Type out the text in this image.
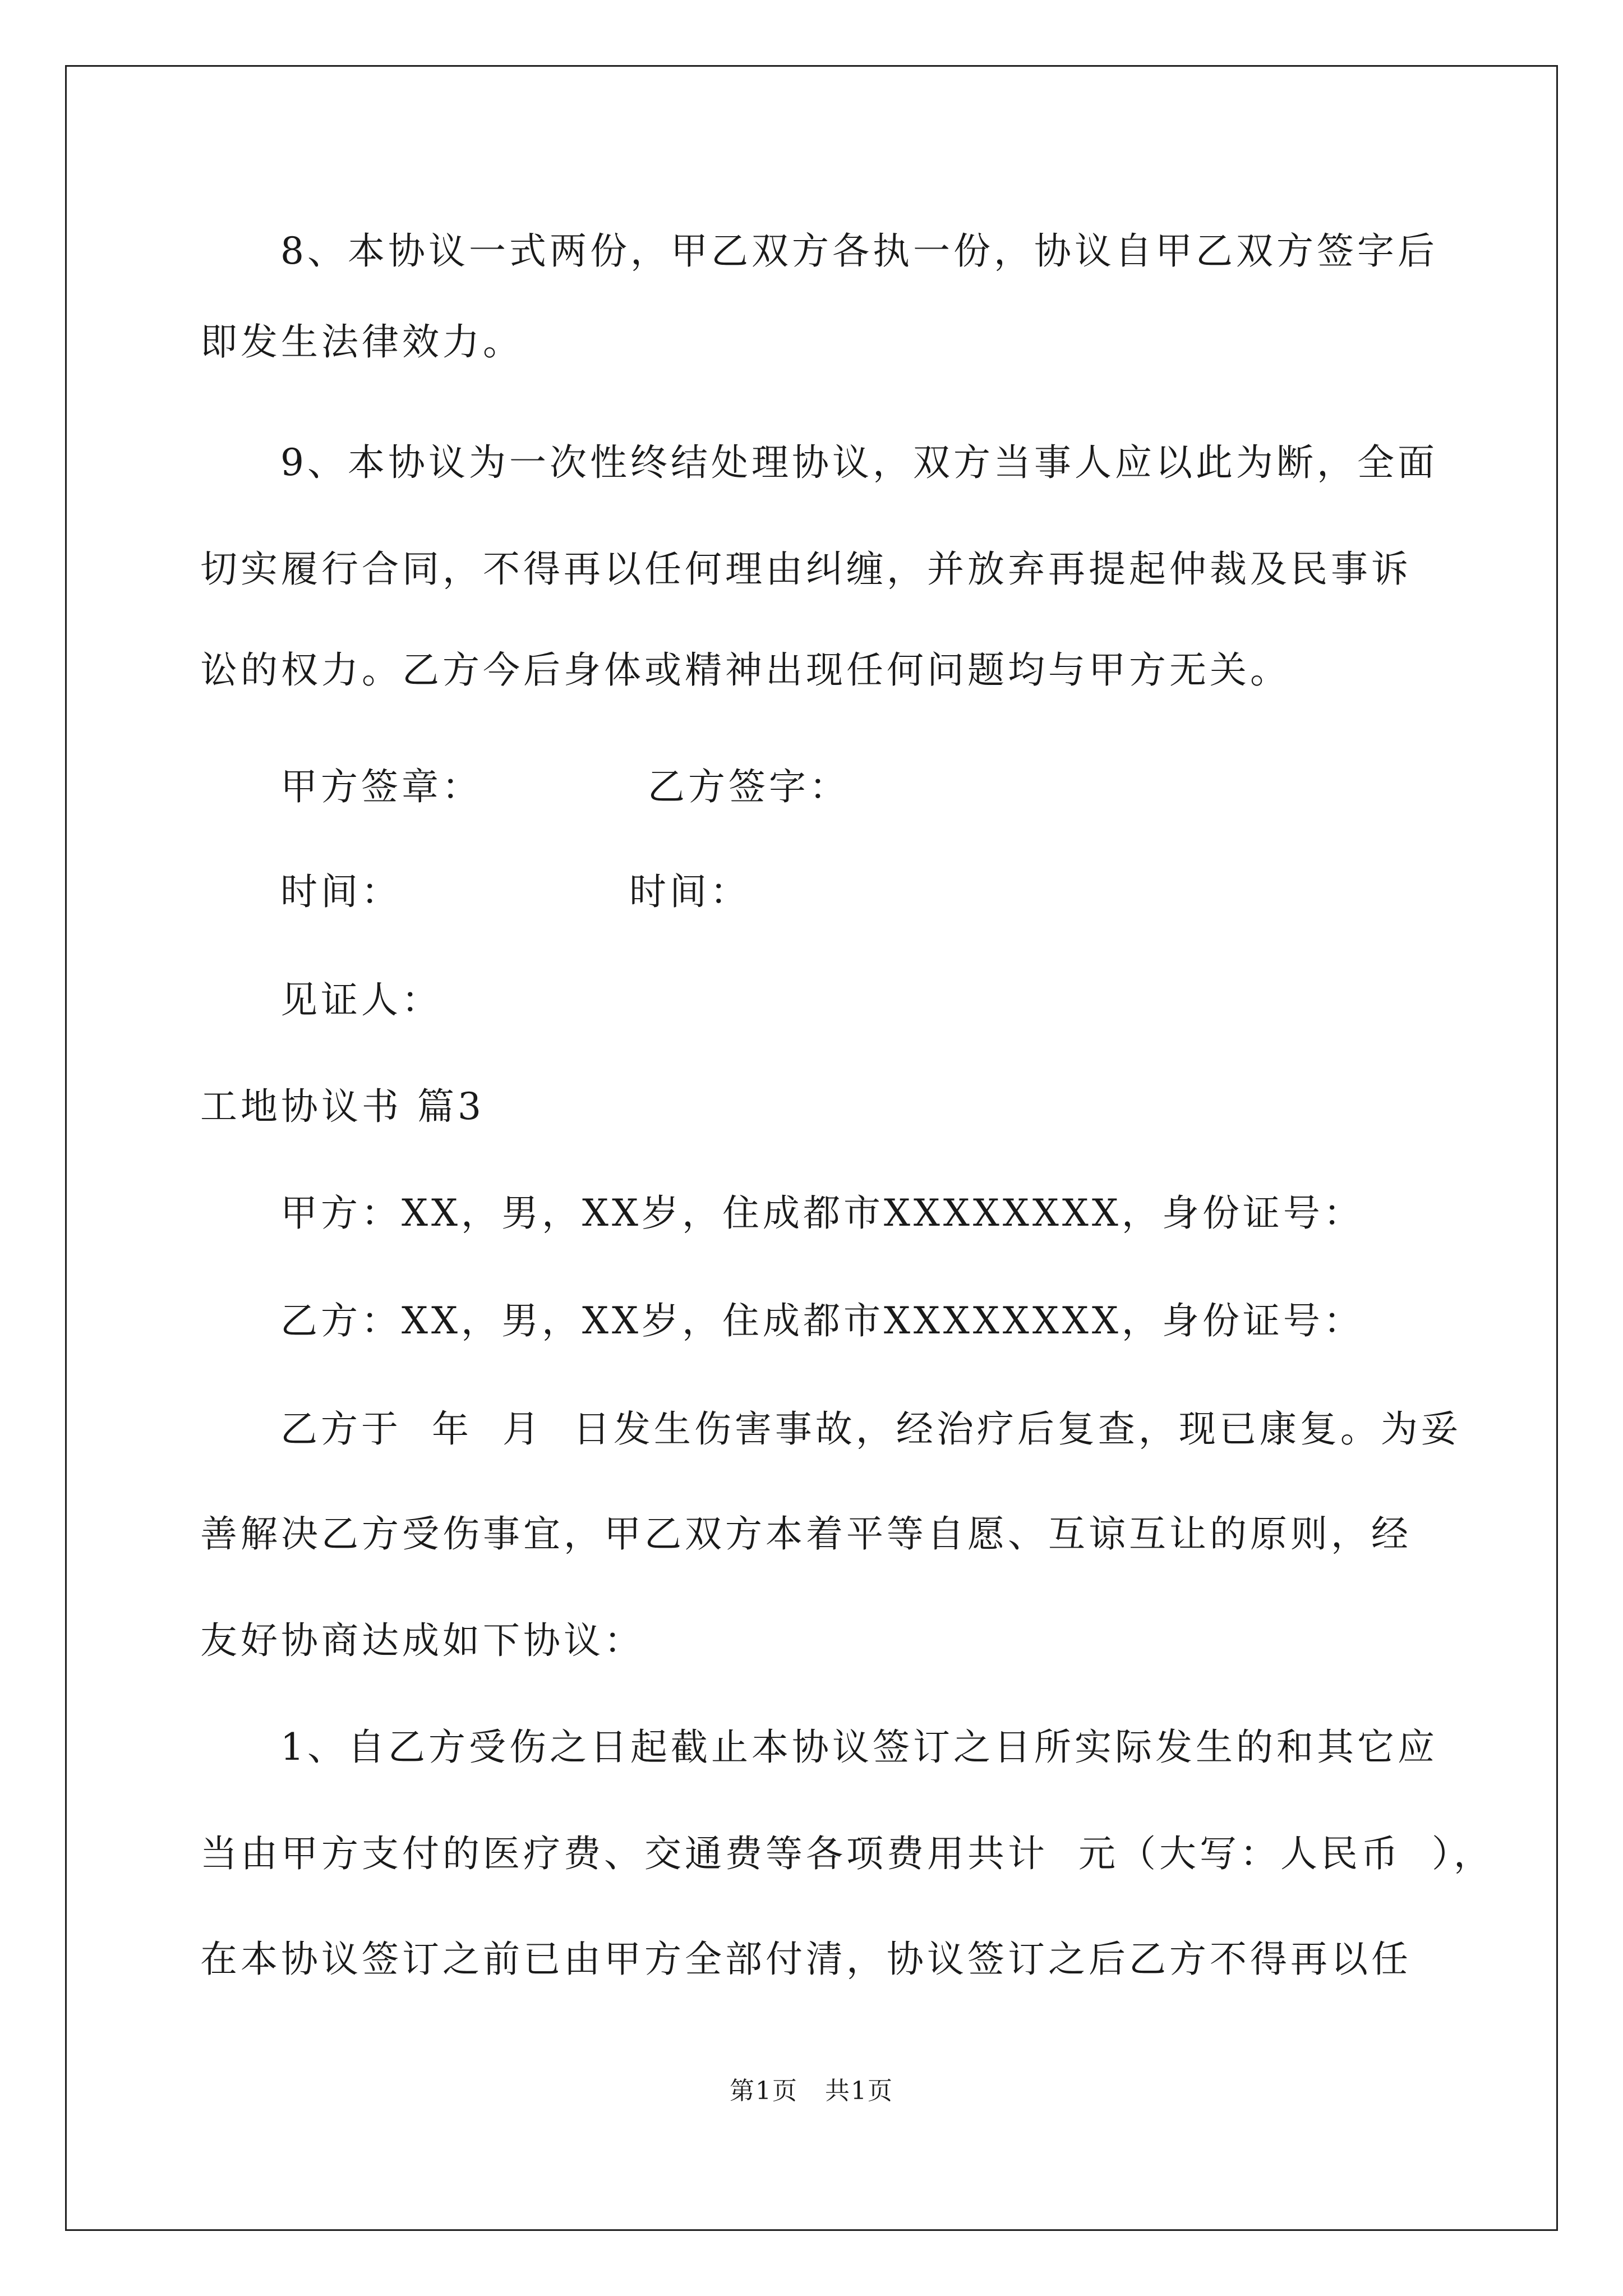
8、本协议一式两份，甲乙双方各执一份，协议自甲乙双方签字后
即发生法律效力。
9、本协议为一次性终结处理协议，双方当事人应以此为断，全面
切实履行合同，不得再以任何理由纠缠，并放弃再提起仲裁及民事诉
讼的权力。乙方今后身体或精神出现任何问题均与甲方无关。
甲方签章：	乙方签字：
时间：	时间：
见证人：
工地协议书 篇3
甲方：XX，男，XX岁，住成都市XXXXXXXX，身份证号：
乙方：XX，男，XX岁，住成都市XXXXXXXX，身份证号：
乙方于  年  月  日发生伤害事故，经治疗后复查，现已康复。为妥
善解决乙方受伤事宜，甲乙双方本着平等自愿、互谅互让的原则，经
友好协商达成如下协议：
1、自乙方受伤之日起截止本协议签订之日所实际发生的和其它应
当由甲方支付的医疗费、交通费等各项费用共计  元（大写：人民币  ），
在本协议签订之前已由甲方全部付清，协议签订之后乙方不得再以任
第1页   共1页
